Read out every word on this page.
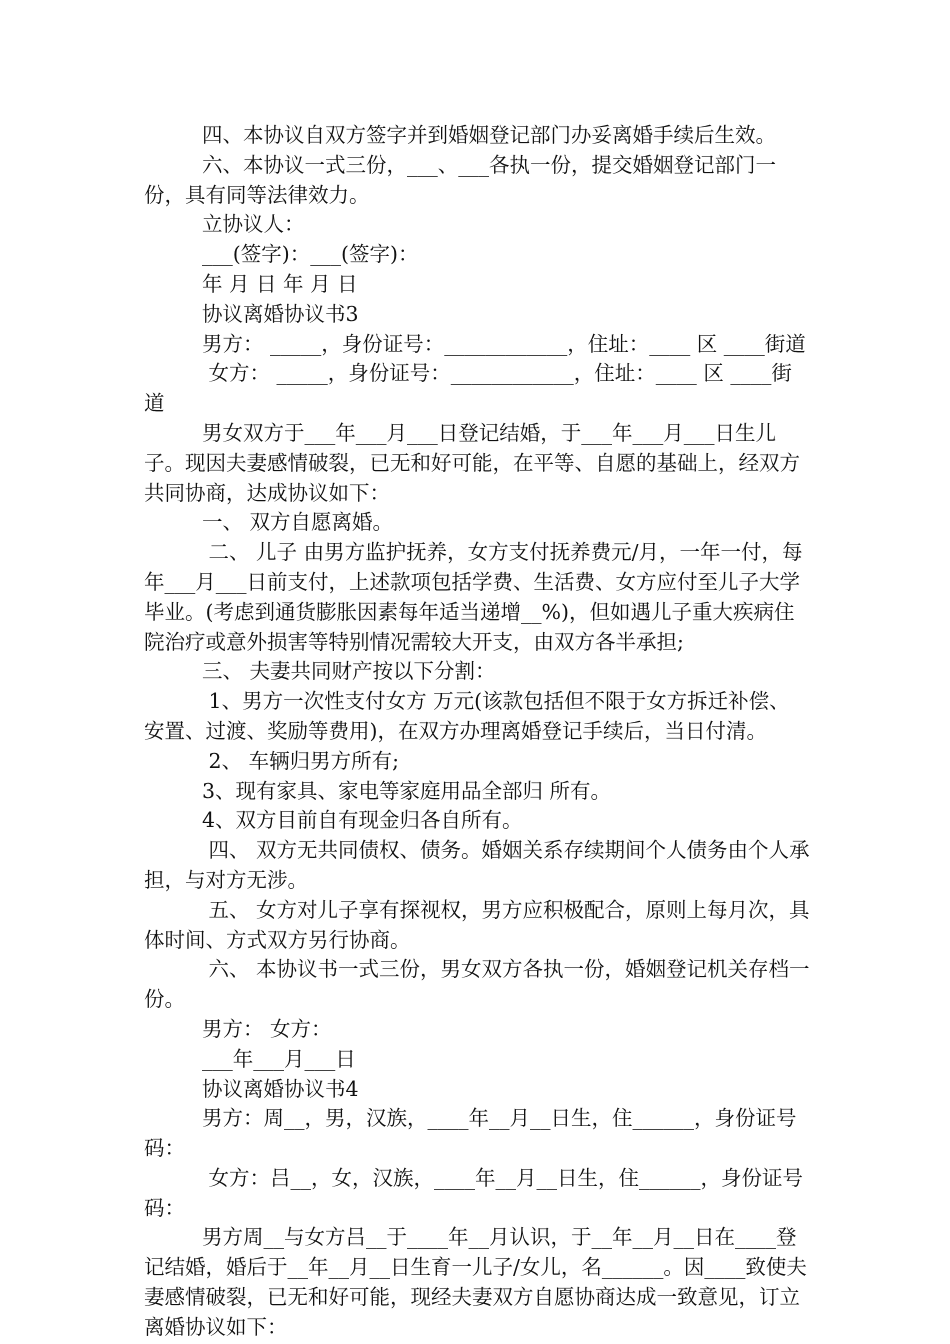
四、本协议自双方签字并到婚姻登记部门办妥离婚手续后生效。

六、本协议一式三份，___、___各执一份，提交婚姻登记部门一份，具有同等法律效力。

立协议人：

___(签字)：___(签字)：

年 月 日 年 月 日

协议离婚协议书3

男方： _____，身份证号：____________，住址：____ 区 ____街道

女方： _____，身份证号：____________，住址：____ 区 ____街道

男女双方于___年___月___日登记结婚，于___年___月___日生儿子。现因夫妻感情破裂，已无和好可能，在平等、自愿的基础上，经双方共同协商，达成协议如下：

一、 双方自愿离婚。

二、 儿子 由男方监护抚养，女方支付抚养费元/月，一年一付，每年___月___日前支付，上述款项包括学费、生活费、女方应付至儿子大学毕业。(考虑到通货膨胀因素每年适当递增__%)，但如遇儿子重大疾病住院治疗或意外损害等特别情况需较大开支，由双方各半承担;

三、 夫妻共同财产按以下分割：

1、男方一次性支付女方 万元(该款包括但不限于女方拆迁补偿、安置、过渡、奖励等费用)，在双方办理离婚登记手续后，当日付清。

2、 车辆归男方所有;

3、现有家具、家电等家庭用品全部归 所有。

4、双方目前自有现金归各自所有。

四、 双方无共同债权、债务。婚姻关系存续期间个人债务由个人承担，与对方无涉。

五、 女方对儿子享有探视权，男方应积极配合，原则上每月次，具体时间、方式双方另行协商。

六、 本协议书一式三份，男女双方各执一份，婚姻登记机关存档一份。

男方： 女方：

___年___月___日

协议离婚协议书4

男方：周__，男，汉族，____年__月__日生，住______，身份证号码：

女方：吕__，女，汉族，____年__月__日生，住______，身份证号码：

男方周__与女方吕__于____年__月认识，于__年__月__日在____登记结婚，婚后于__年__月__日生育一儿子/女儿，名______。因____致使夫妻感情破裂，已无和好可能，现经夫妻双方自愿协商达成一致意见，订立离婚协议如下：
